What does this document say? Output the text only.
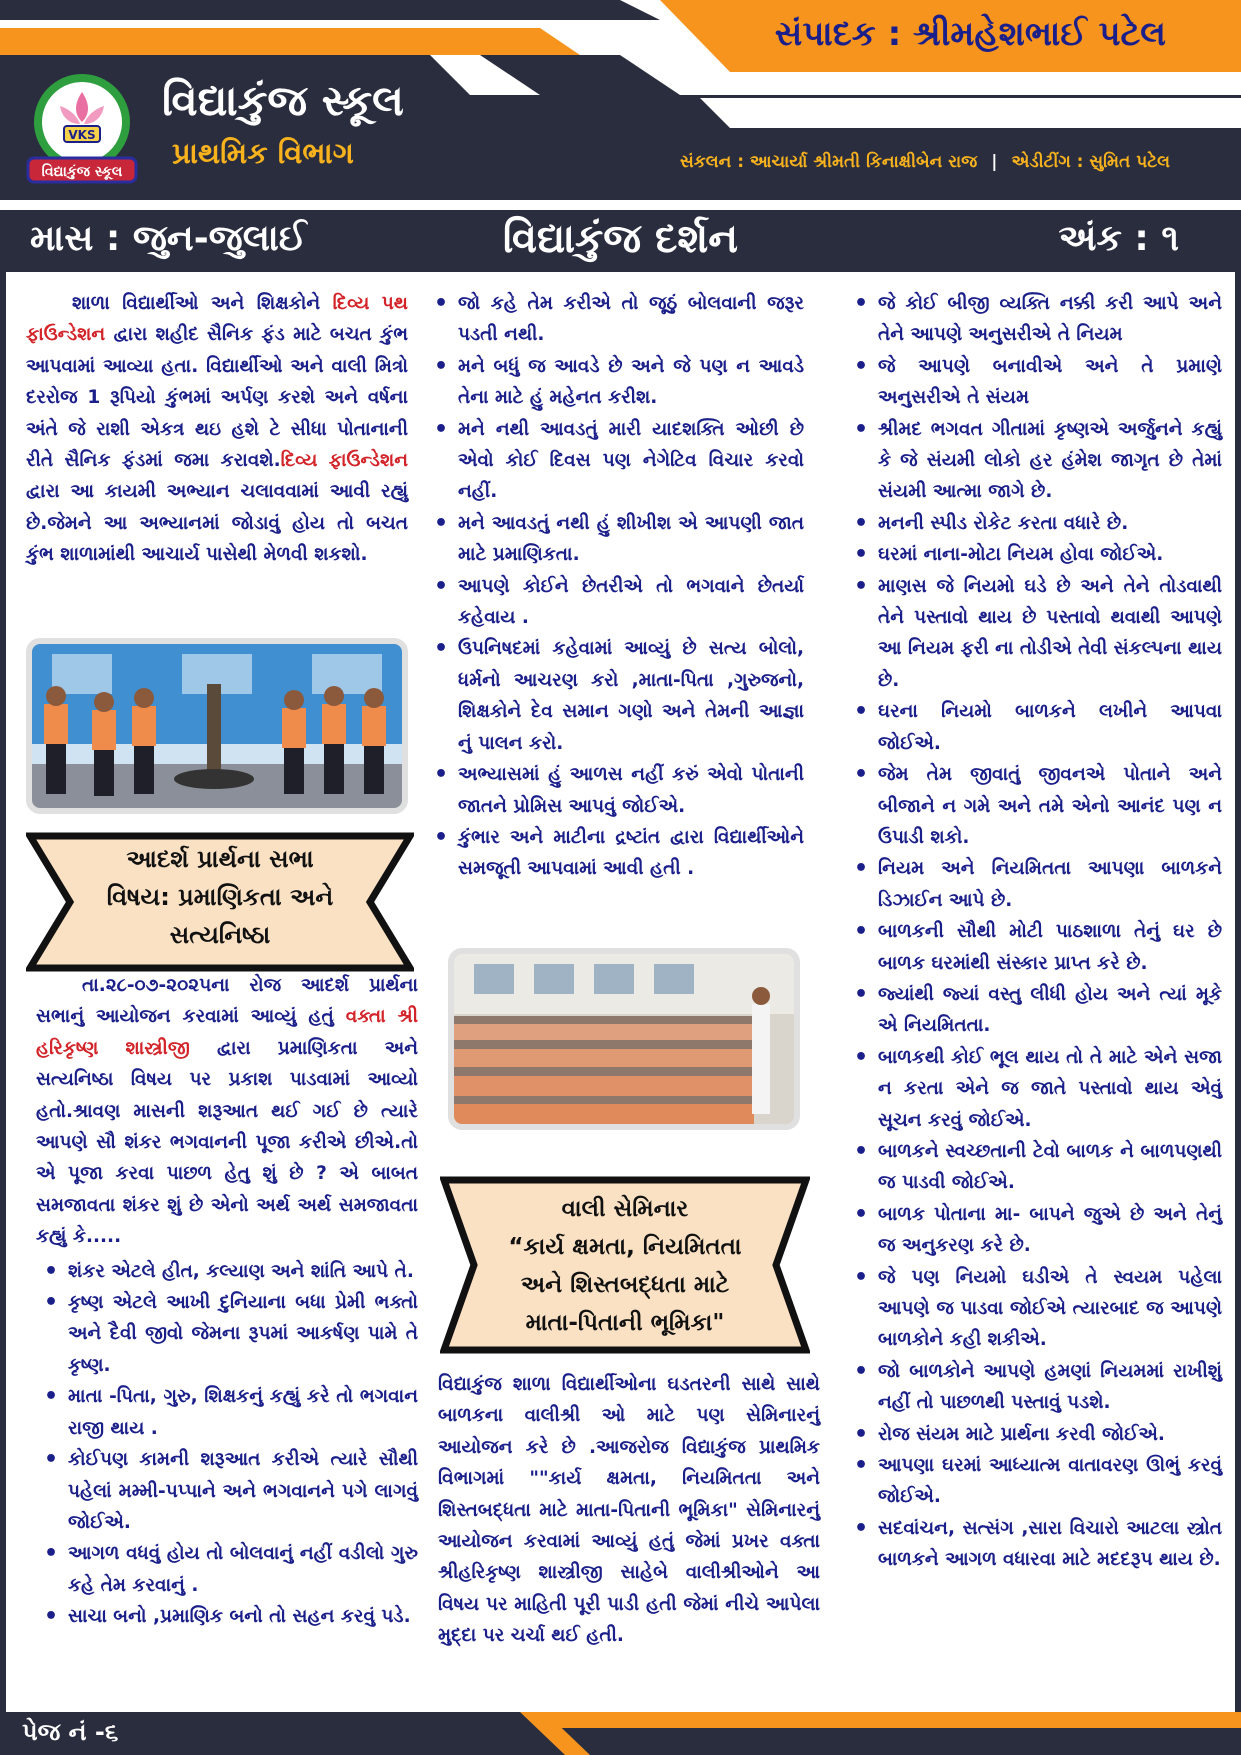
સંપાદક : શ્રીમહેશભાઈ પટેલ
વિદ્યાકુંજ સ્કૂલ
પ્રાથમિક વિભાગ	સંકલન : આચાર્યા શ્રીમતી કિનાક્ષીબેન રાજ | એડીટીંગ : સુમિત પટેલ
VKS
વિદ્યાકુંજ સ્કૂલ
વિદ્યાકુંજ દર્શન
માસ : જુન-જુલાઈ	અંક : ૧

શાળા વિદ્યાર્થીઓ અને શિક્ષકોને દિવ્ય પથ ફાઉન્ડેશન દ્વારા શહીદ સૈનિક ફંડ માટે બચત કુંભ આપવામાં આવ્યા હતા. વિદ્યાર્થીઓ અને વાલી મિત્રો દરરોજ 1 રૂપિયો કુંભમાં અર્પણ કરશે અને વર્ષના અંતે જે રાશી એકત્ર થઇ હશે ટે સીધા પોતાનાની રીતે સૈનિક ફંડમાં જમા કરાવશે.દિવ્ય ફાઉન્ડેશન દ્વારા આ કાયમી અભ્યાન ચલાવવામાં આવી રહ્યું છે.જેમને આ અભ્યાનમાં જોડાવું હોય તો બચત કુંભ શાળામાંથી આચાર્ય પાસેથી મેળવી શકશો.

આદર્શ પ્રાર્થના સભા
વિષય: પ્રમાણિકતા અને
સત્યનિષ્ઠા

તા.૨૮-૦૭-૨૦૨૫ના રોજ આદર્શ પ્રાર્થના સભાનું આયોજન કરવામાં આવ્યું હતું વક્તા શ્રી હરિકૃષ્ણ શાસ્ત્રીજી દ્વારા પ્રમાણિકતા અને સત્યનિષ્ઠા વિષય પર પ્રકાશ પાડવામાં આવ્યો હતો.શ્રાવણ માસની શરૂઆત થઈ ગઈ છે ત્યારે આપણે સૌ શંકર ભગવાનની પૂજા કરીએ છીએ.તો એ પૂજા કરવા પાછળ હેતુ શું છે ? એ બાબત સમજાવતા શંકર શું છે એનો અર્થ અર્થ સમજાવતા કહ્યું કે.....

• શંકર એટલે હીત, કલ્યાણ અને શાંતિ આપે તે.
• કૃષ્ણ એટલે આખી દુનિયાના બધા પ્રેમી ભક્તો અને દૈવી જીવો જેમના રૂપમાં આકર્ષણ પામે તે કૃષ્ણ.
• માતા -પિતા, ગુરુ, શિક્ષકનું કહ્યું કરે તો ભગવાન રાજી થાય .
• કોઈપણ કામની શરૂઆત કરીએ ત્યારે સૌથી પહેલાં મમ્મી-પપ્પાને અને ભગવાનને પગે લાગવું જોઈએ.
• આગળ વધવું હોય તો બોલવાનું નહીં વડીલો ગુરુ કહે તેમ કરવાનું .
• સાચા બનો ,પ્રમાણિક બનો તો સહન કરવું પડે.
• જો કહે તેમ કરીએ તો જૂઠું બોલવાની જરૂર પડતી નથી.
• મને બધું જ આવડે છે અને જે પણ ન આવડે તેના માટે હું મહેનત કરીશ.
• મને નથી આવડતું મારી યાદશક્તિ ઓછી છે એવો કોઈ દિવસ પણ નેગેટિવ વિચાર કરવો નહીં.
• મને આવડતું નથી હું શીખીશ એ આપણી જાત માટે પ્રમાણિકતા.
• આપણે કોઈને છેતરીએ તો ભગવાને છેતર્યા કહેવાય .
• ઉપનિષદમાં કહેવામાં આવ્યું છે સત્ય બોલો, ધર્મનો આચરણ કરો ,માતા-પિતા ,ગુરુજનો, શિક્ષકોને દેવ સમાન ગણો અને તેમની આજ્ઞા નું પાલન કરો.
• અભ્યાસમાં હું આળસ નહીં કરું એવો પોતાની જાતને પ્રોમિસ આપવું જોઈએ.
• કુંભાર અને માટીના દ્રષ્ટાંત દ્વારા વિદ્યાર્થીઓને સમજૂતી આપવામાં આવી હતી .
વાલી સેમિનાર
“કાર્ય ક્ષમતા, નિયમિતતા
અને શિસ્તબદ્ધતા માટે
માતા-પિતાની ભૂમિકા"

વિદ્યાકુંજ શાળા વિદ્યાર્થીઓના ઘડતરની સાથે સાથે બાળકના વાલીશ્રી ઓ માટે પણ સેમિનારનું આયોજન કરે છે .આજરોજ વિદ્યાકુંજ પ્રાથમિક વિભાગમાં ""કાર્ય ક્ષમતા, નિયમિતતા અને શિસ્તબદ્ધતા માટે માતા-પિતાની ભૂમિકા" સેમિનારનું આયોજન કરવામાં આવ્યું હતું જેમાં પ્રખર વક્તા શ્રીહરિકૃષ્ણ શાસ્ત્રીજી સાહેબે વાલીશ્રીઓને આ વિષય પર માહિતી પૂરી પાડી હતી જેમાં નીચે આપેલા મુદ્દા પર ચર્ચા થઈ હતી.

• જે કોઈ બીજી વ્યક્તિ નક્કી કરી આપે અને તેને આપણે અનુસરીએ તે નિયમ
• જે આપણે બનાવીએ અને તે પ્રમાણે અનુસરીએ તે સંયમ
• શ્રીમદ ભગવત ગીતામાં કૃષ્ણએ અર્જુનને કહ્યું કે જે સંયમી લોકો હર હંમેશ જાગૃત છે તેમાં સંયમી આત્મા જાગે છે.
• મનની સ્પીડ રોકેટ કરતા વધારે છે.
• ઘરમાં નાના-મોટા નિયમ હોવા જોઈએ.
• માણસ જે નિયમો ઘડે છે અને તેને તોડવાથી તેને પસ્તાવો થાય છે પસ્તાવો થવાથી આપણે આ નિયમ ફરી ના તોડીએ તેવી સંકલ્પના થાય છે.
• ઘરના નિયમો બાળકને લખીને આપવા જોઈએ.
• જેમ તેમ જીવાતું જીવનએ પોતાને અને બીજાને ન ગમે અને તમે એનો આનંદ પણ ન ઉપાડી શકો.
• નિયમ અને નિયમિતતા આપણા બાળકને ડિઝાઈન આપે છે.
• બાળકની સૌથી મોટી પાઠશાળા તેનું ઘર છે બાળક ઘરમાંથી સંસ્કાર પ્રાપ્ત કરે છે.
• જ્યાંથી જ્યાં વસ્તુ લીધી હોય અને ત્યાં મૂકે એ નિયમિતતા.
• બાળકથી કોઈ ભૂલ થાય તો તે માટે એને સજા ન કરતા એને જ જાતે પસ્તાવો થાય એવું સૂચન કરવું જોઈએ.
• બાળકને સ્વચ્છતાની ટેવો બાળક ને બાળપણથી જ પાડવી જોઈએ.
• બાળક પોતાના મા- બાપને જુએ છે અને તેનું જ અનુકરણ કરે છે.
• જે પણ નિયમો ઘડીએ તે સ્વયમ પહેલા આપણે જ પાડવા જોઈએ ત્યારબાદ જ આપણે બાળકોને કહી શકીએ.
• જો બાળકોને આપણે હમણાં નિયમમાં રાખીશું નહીં તો પાછળથી પસ્તાવું પડશે.
• રોજ સંયમ માટે પ્રાર્થના કરવી જોઈએ.
• આપણા ઘરમાં આધ્યાત્મ વાતાવરણ ઊભું કરવું જોઈએ.
• સદવાંચન, સત્સંગ ,સારા વિચારો આટલા સ્ત્રોત બાળકને આગળ વધારવા માટે મદદરૂપ થાય છે.
પેજ નં -૬
